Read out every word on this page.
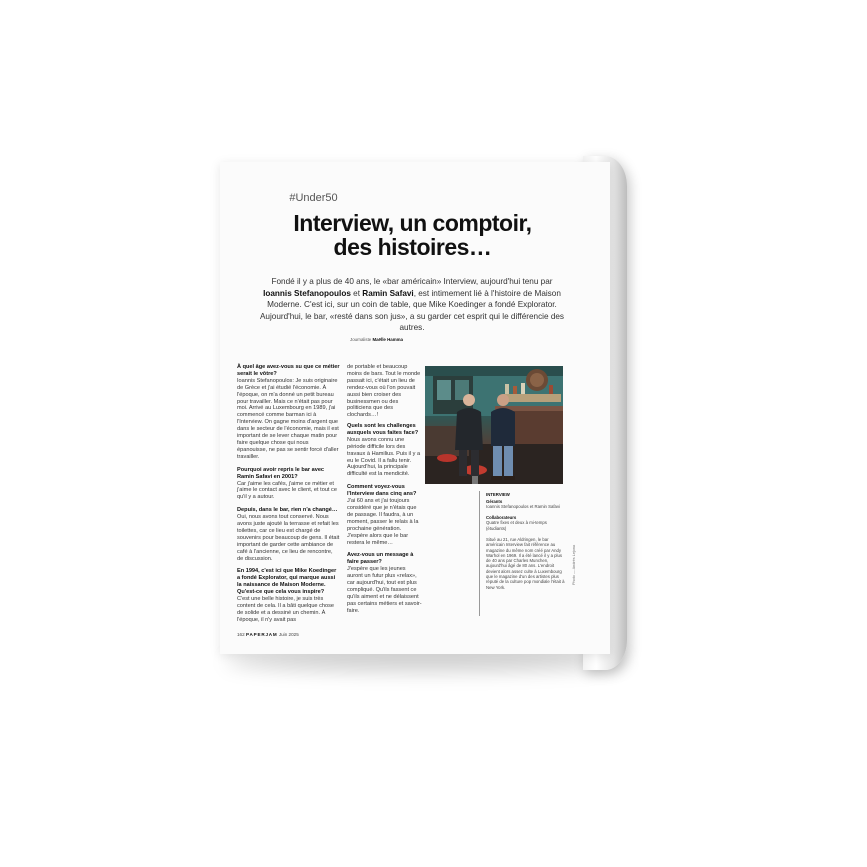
#Under50
Interview, un comptoir,
des histoires…
Fondé il y a plus de 40 ans, le «bar américain» Interview, aujourd'hui tenu par Ioannis Stefanopoulos et Ramin Safavi, est intimement lié à l'histoire de Maison Moderne. C'est ici, sur un coin de table, que Mike Koedinger a fondé Explorator. Aujourd'hui, le bar, «resté dans son jus», a su garder cet esprit qui le différencie des autres.
Journaliste Maëlle Hamma

À quel âge avez-vous su que ce métier serait le vôtre?
Ioannis Stefanopoulos: Je suis originaire de Grèce et j'ai étudié l'économie. À l'époque, on m'a donné un petit bureau pour travailler. Mais ce n'était pas pour moi. Arrivé au Luxembourg en 1989, j'ai commencé comme barman ici à l'Interview. On gagne moins d'argent que dans le secteur de l'économie, mais il est important de se lever chaque matin pour faire quelque chose qui nous épanouisse, ne pas se sentir forcé d'aller travailler.

Pourquoi avoir repris le bar avec Ramin Safavi en 2001?
Car j'aime les cafés, j'aime ce métier et j'aime le contact avec le client, et tout ce qu'il y a autour.

Depuis, dans le bar, rien n'a changé…
Oui, nous avons tout conservé. Nous avons juste ajouté la terrasse et refait les toilettes, car ce lieu est chargé de souvenirs pour beaucoup de gens. Il était important de garder cette ambiance de café à l'ancienne, ce lieu de rencontre, de discussion.

En 1994, c'est ici que Mike Koedinger a fondé Explorator, qui marque aussi la naissance de Maison Moderne. Qu'est-ce que cela vous inspire?
C'est une belle histoire, je suis très content de cela. Il a bâti quelque chose de solide et a dessiné un chemin. À l'époque, il n'y avait pas

de portable et beaucoup moins de bars. Tout le monde passait ici, c'était un lieu de rendez-vous où l'on pouvait aussi bien croiser des businessmen ou des politiciens que des clochards…!

Quels sont les challenges auxquels vous faites face?
Nous avons connu une période difficile lors des travaux à Hamilius. Puis il y a eu le Covid. Il a fallu tenir. Aujourd'hui, la principale difficulté est la mendicité.

Comment voyez-vous l'Interview dans cinq ans?
J'ai 60 ans et j'ai toujours considéré que je n'étais que de passage. Il faudra, à un moment, passer le relais à la prochaine génération. J'espère alors que le bar restera le même…

Avez-vous un message à faire passer?
J'espère que les jeunes auront un futur plus «relax», car aujourd'hui, tout est plus compliqué. Qu'ils fassent ce qu'ils aiment et ne délaissent pas certains métiers et savoir-faire.

INTERVIEW
Gérants
Ioannis Stefanopoulos et Ramin Safavi
Collaborateurs
Quatre fixes et deux à mi-temps (étudiants)
Situé au 21, rue Aldringen, le bar américain Interview fait référence au magazine du même nom créé par Andy Warhol en 1969. Il a été lancé il y a plus de 40 ans par Charles Munchen, aujourd'hui âgé de 80 ans. L'endroit devient alors assez culte à Luxembourg que le magazine d'un des artistes plus réputé de la culture pop mondiale l'était à New York.
Photo — Andrés Lejona
162 PAPERJAM Juin 2025
